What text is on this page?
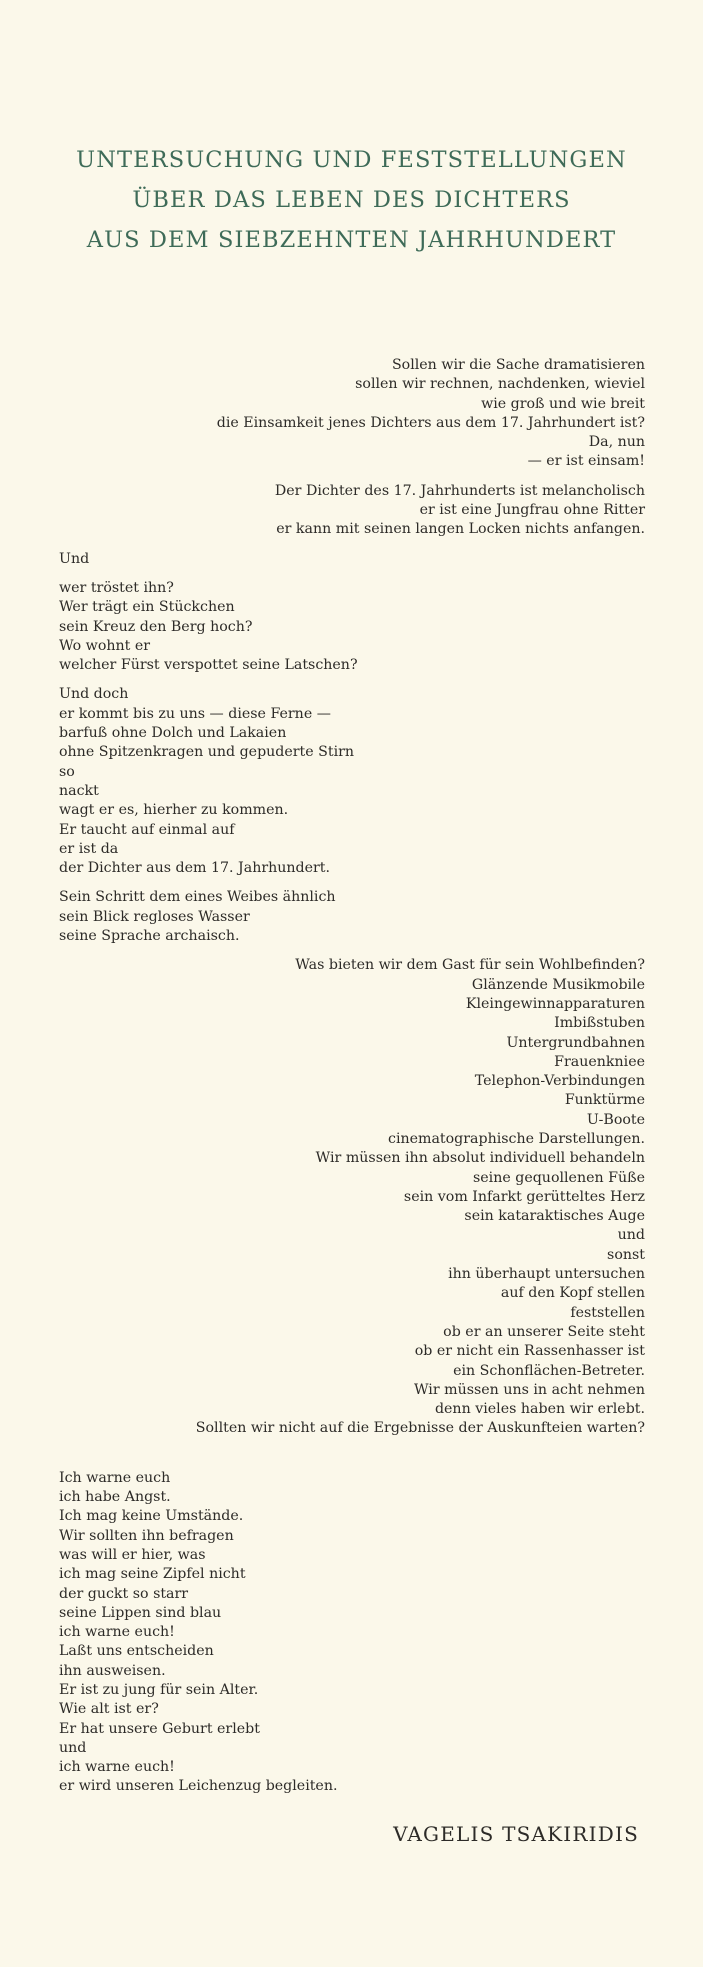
UNTERSUCHUNG UND FESTSTELLUNGEN
ÜBER DAS LEBEN DES DICHTERS
AUS DEM SIEBZEHNTEN JAHRHUNDERT
Sollen wir die Sache dramatisieren
sollen wir rechnen, nachdenken, wieviel
wie groß und wie breit
die Einsamkeit jenes Dichters aus dem 17. Jahrhundert ist?
Da, nun
— er ist einsam!
Der Dichter des 17. Jahrhunderts ist melancholisch
er ist eine Jungfrau ohne Ritter
er kann mit seinen langen Locken nichts anfangen.
Und
wer tröstet ihn?
Wer trägt ein Stückchen
sein Kreuz den Berg hoch?
Wo wohnt er
welcher Fürst verspottet seine Latschen?
Und doch
er kommt bis zu uns — diese Ferne —
barfuß ohne Dolch und Lakaien
ohne Spitzenkragen und gepuderte Stirn
so
nackt
wagt er es, hierher zu kommen.
Er taucht auf einmal auf
er ist da
der Dichter aus dem 17. Jahrhundert.
Sein Schritt dem eines Weibes ähnlich
sein Blick regloses Wasser
seine Sprache archaisch.
Was bieten wir dem Gast für sein Wohlbefinden?
Glänzende Musikmobile
Kleingewinnapparaturen
Imbißstuben
Untergrundbahnen
Frauenkniee
Telephon-Verbindungen
Funktürme
U-Boote
cinematographische Darstellungen.
Wir müssen ihn absolut individuell behandeln
seine gequollenen Füße
sein vom Infarkt gerütteltes Herz
sein kataraktisches Auge
und
sonst
ihn überhaupt untersuchen
auf den Kopf stellen
feststellen
ob er an unserer Seite steht
ob er nicht ein Rassenhasser ist
ein Schonflächen-Betreter.
Wir müssen uns in acht nehmen
denn vieles haben wir erlebt.
Sollten wir nicht auf die Ergebnisse der Auskunfteien warten?
Ich warne euch
ich habe Angst.
Ich mag keine Umstände.
Wir sollten ihn befragen
was will er hier, was
ich mag seine Zipfel nicht
der guckt so starr
seine Lippen sind blau
ich warne euch!
Laßt uns entscheiden
ihn ausweisen.
Er ist zu jung für sein Alter.
Wie alt ist er?
Er hat unsere Geburt erlebt
und
ich warne euch!
er wird unseren Leichenzug begleiten.
VAGELIS TSAKIRIDIS
